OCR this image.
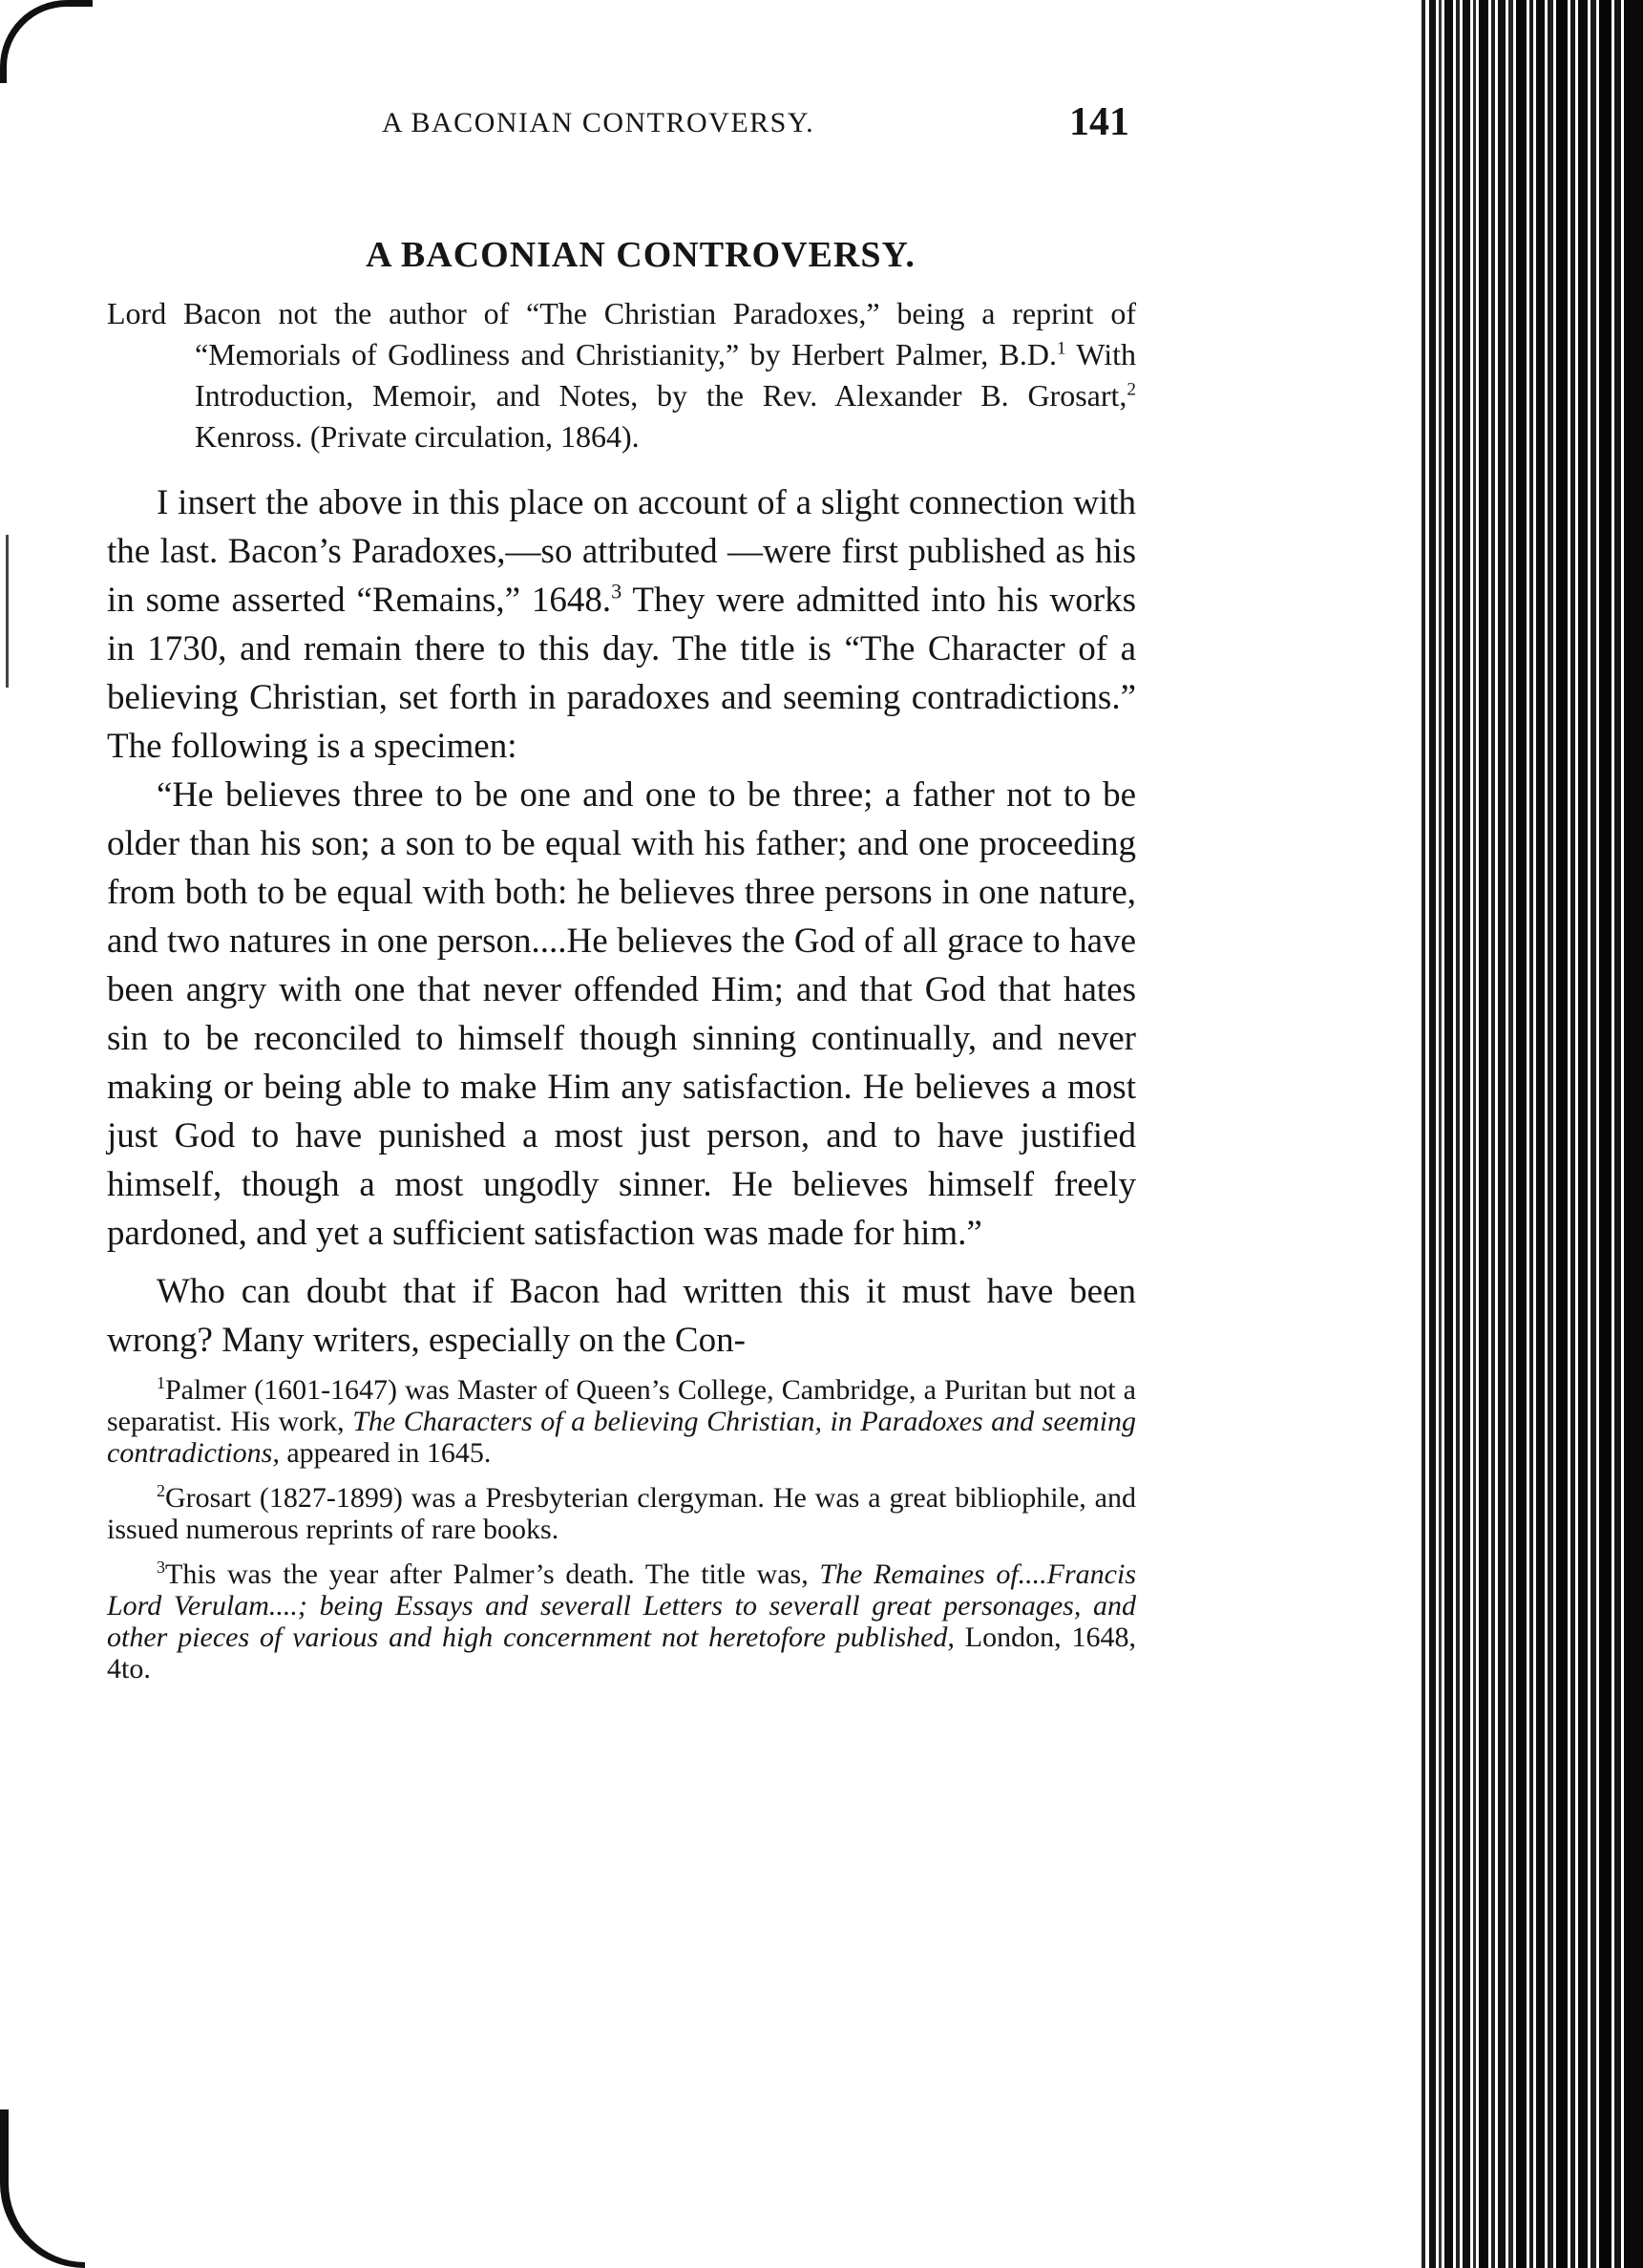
A BACONIAN CONTROVERSY.	141
A BACONIAN CONTROVERSY.

Lord Bacon not the author of “The Christian Paradoxes,” being a reprint of “Memorials of Godliness and Christianity,” by Herbert Palmer, B.D.$^1$ With Introduction, Memoir, and Notes, by the Rev. Alexander B. Grosart,$^2$ Kenross. (Private circulation, 1864).

I insert the above in this place on account of a slight connection with the last. Bacon’s Paradoxes,—so attributed —were first published as his in some asserted “Remains,” 1648.$^3$ They were admitted into his works in 1730, and remain there to this day. The title is “The Character of a believing Christian, set forth in paradoxes and seeming contradictions.” The following is a specimen:

“He believes three to be one and one to be three; a father not to be older than his son; a son to be equal with his father; and one proceeding from both to be equal with both: he believes three persons in one nature, and two natures in one person....He believes the God of all grace to have been angry with one that never offended Him; and that God that hates sin to be reconciled to himself though sinning continually, and never making or being able to make Him any satisfaction. He believes a most just God to have punished a most just person, and to have justified himself, though a most ungodly sinner. He believes himself freely pardoned, and yet a sufficient satisfaction was made for him.”

Who can doubt that if Bacon had written this it must have been wrong? Many writers, especially on the Con-

$^1$Palmer (1601-1647) was Master of Queen’s College, Cambridge, a Puritan but not a separatist. His work, The Characters of a believing Christian, in Paradoxes and seeming contradictions, appeared in 1645.

$^2$Grosart (1827-1899) was a Presbyterian clergyman. He was a great bibliophile, and issued numerous reprints of rare books.

$^3$This was the year after Palmer’s death. The title was, The Remaines of....Francis Lord Verulam....; being Essays and severall Letters to severall great personages, and other pieces of various and high concernment not heretofore published, London, 1648, 4to.
